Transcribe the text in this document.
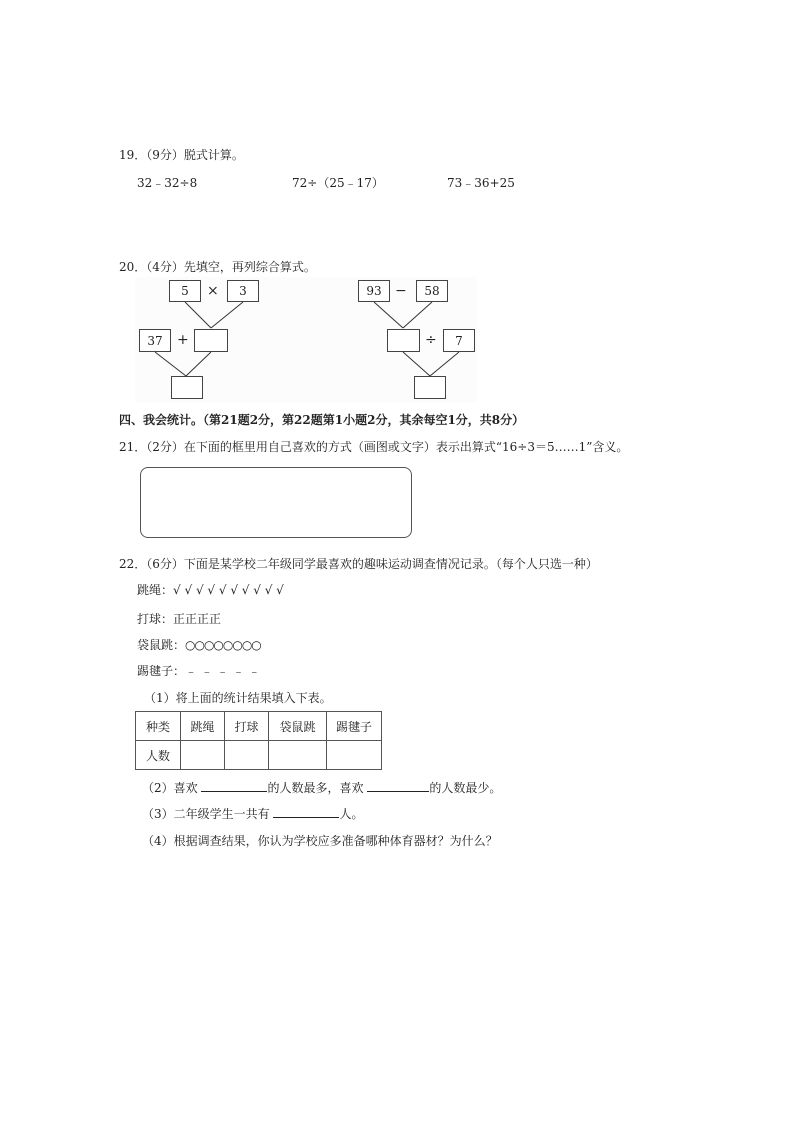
19．（9分）脱式计算。
32﹣32÷8	72÷（25﹣17）	73﹣36+25
20．（4分）先填空，再列综合算式。
5	×	3
37	+
93 −	58
÷	7
四、我会统计。（第21题2分，第22题第1小题2分，其余每空1分，共8分）
21．（2分）在下面的框里用自己喜欢的方式（画图或文字）表示出算式“16÷3＝5……1”含义。
22．（6分）下面是某学校二年级同学最喜欢的趣味运动调查情况记录。（每个人只选一种）
跳绳：√ √ √ √ √ √ √ √ √ √
打球：正正正正
袋鼠跳：○○○○○○○○
踢毽子：﹣ ﹣ ﹣ ﹣ ﹣
（1）将上面的统计结果填入下表。
种类	跳绳	打球	袋鼠跳	踢毽子
人数				
（2）喜欢	的人数最多，喜欢	的人数最少。
（3）二年级学生一共有	人。
（4）根据调查结果，你认为学校应多准备哪种体育器材？为什么？
